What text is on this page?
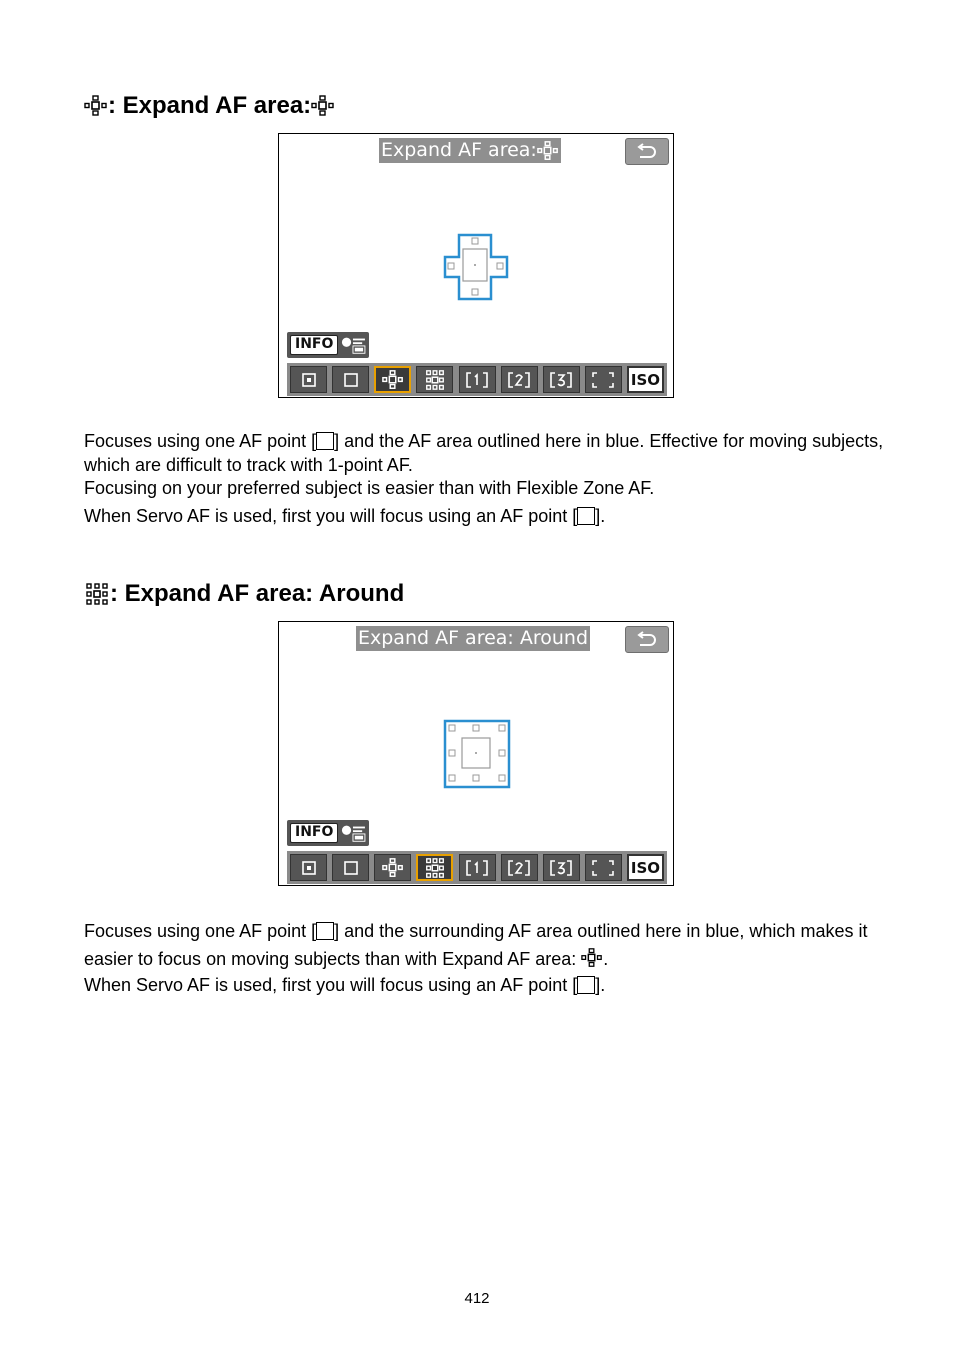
: Expand AF area:
Expand AF area:
INFO
ISO
Focuses using one AF point [ ] and the AF area outlined here in blue. Effective for moving subjects, which are difficult to track with 1-point AF.
Focusing on your preferred subject is easier than with Flexible Zone AF.
When Servo AF is used, first you will focus using an AF point [ ].
: Expand AF area: Around
Expand AF area: Around
INFO
ISO
Focuses using one AF point [ ] and the surrounding AF area outlined here in blue, which makes it easier to focus on moving subjects than with Expand AF area: .
When Servo AF is used, first you will focus using an AF point [ ].
412
